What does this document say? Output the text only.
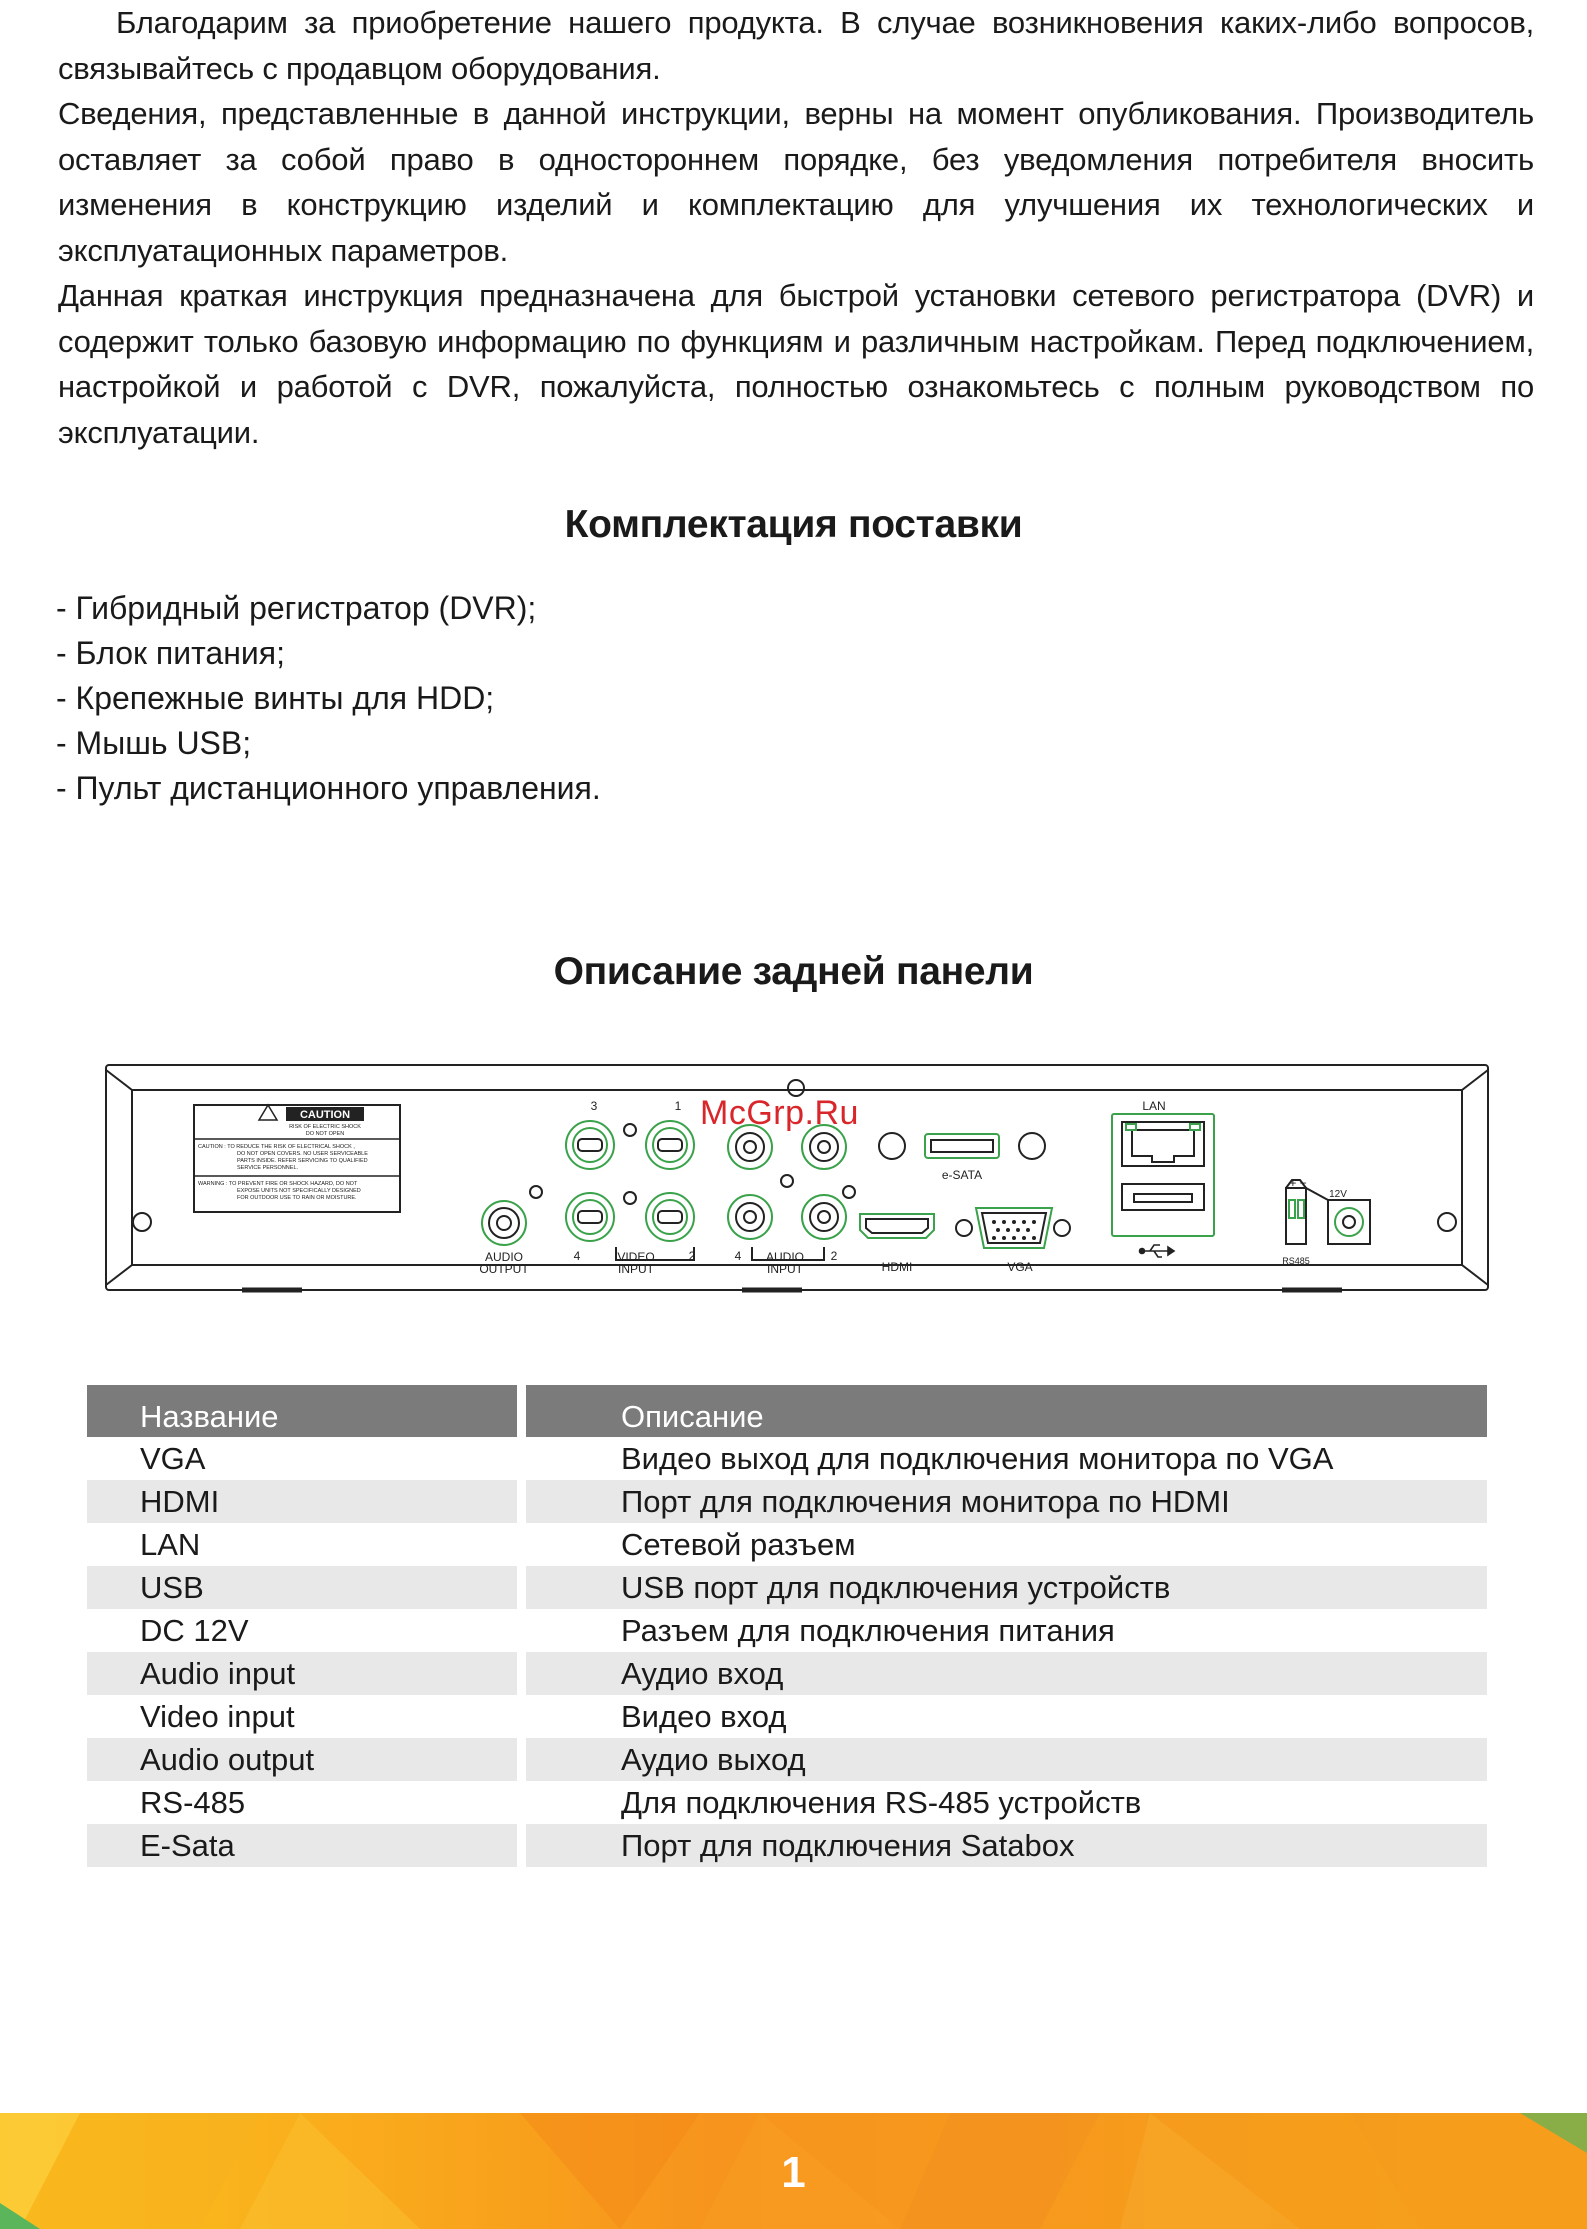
Благодарим за приобретение нашего продукта. В случае возникновения каких-либо вопросов, связывайтесь с продавцом оборудования.

Сведения, представленные в данной инструкции, верны на момент опубликования. Производитель оставляет за собой право в одностороннем порядке, без уведомления потребителя вносить изменения в конструкцию изделий и комплектацию для улучшения их технологических и эксплуатационных параметров.

Данная краткая инструкция предназначена для быстрой установки сетевого регистратора (DVR) и содержит только базовую информацию по функциям и различным настройкам. Перед подключением, настройкой и работой с DVR, пожалуйста, полностью ознакомьтесь с полным руководством по эксплуатации.

Комплектация поставки
- Гибридный регистратор (DVR);
- Блок питания;
- Крепежные винты для HDD;
- Мышь USB;
- Пульт дистанционного управления.
Описание задней панели
CAUTION
RISK OF ELECTRIC SHOCK
DO NOT OPEN
CAUTION : TO REDUCE THE RISK OF ELECTRICAL SHOCK ,
DO NOT OPEN COVERS. NO USER SERVICEABLE
PARTS INSIDE. REFER SERVICING TO QUALIFIED
SERVICE PERSONNEL.
WARNING : TO PREVENT FIRE OR SHOCK HAZARD, DO NOT
EXPOSE UNITS NOT SPECIFICALLY DESIGNED
FOR OUTDOOR USE TO RAIN OR MOISTURE.
AUDIO
OUTPUT
3	1
4	2
VIDEO
INPUT
4	2
AUDIO
INPUT
e-SATA
HDMI	VGA
LAN
RS485
+ −
12V
McGrp.Ru
Название	Описание
VGA	Видео выход для подключения монитора по VGA
HDMI	Порт для подключения монитора по HDMI
LAN	Сетевой разъем
USB	USB порт для подключения устройств
DC 12V	Разъем для подключения питания
Audio input	Аудио вход
Video input	Видео вход
Audio output	Аудио выход
RS-485	Для подключения RS-485 устройств
E-Sata	Порт для подключения Satabox
1
